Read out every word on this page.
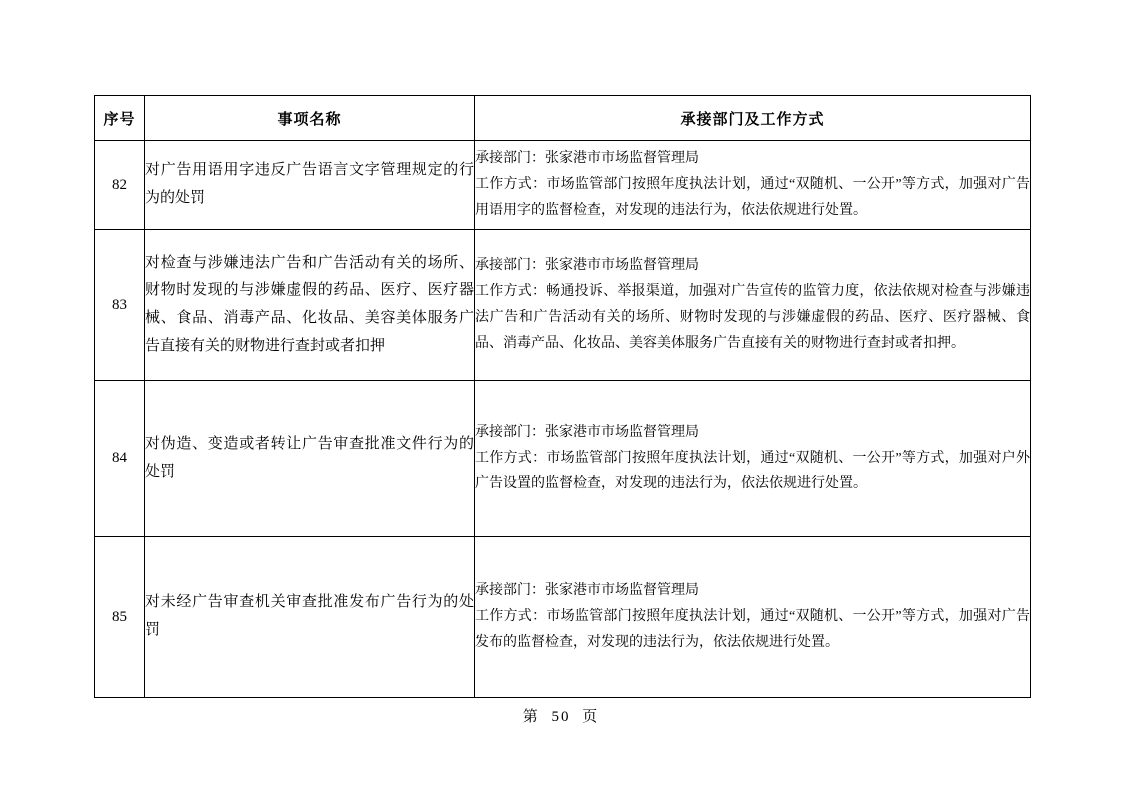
序号	事项名称	承接部门及工作方式
82	对广告用语用字违反广告语言文字管理规定的行为的处罚	承接部门：张家港市市场监督管理局
工作方式：市场监管部门按照年度执法计划，通过“双随机、一公开”等方式，加强对广告用语用字的监督检查，对发现的违法行为，依法依规进行处置。

83	对检查与涉嫌违法广告和广告活动有关的场所、财物时发现的与涉嫌虚假的药品、医疗、医疗器械、食品、消毒产品、化妆品、美容美体服务广告直接有关的财物进行查封或者扣押	承接部门：张家港市市场监督管理局
工作方式：畅通投诉、举报渠道，加强对广告宣传的监管力度，依法依规对检查与涉嫌违法广告和广告活动有关的场所、财物时发现的与涉嫌虚假的药品、医疗、医疗器械、食品、消毒产品、化妆品、美容美体服务广告直接有关的财物进行查封或者扣押。

84	对伪造、变造或者转让广告审查批准文件行为的处罚	承接部门：张家港市市场监督管理局
工作方式：市场监管部门按照年度执法计划，通过“双随机、一公开”等方式，加强对户外广告设置的监督检查，对发现的违法行为，依法依规进行处置。

85	对未经广告审查机关审查批准发布广告行为的处罚	承接部门：张家港市市场监督管理局
工作方式：市场监管部门按照年度执法计划，通过“双随机、一公开”等方式，加强对广告发布的监督检查，对发现的违法行为，依法依规进行处置。
第 50 页
